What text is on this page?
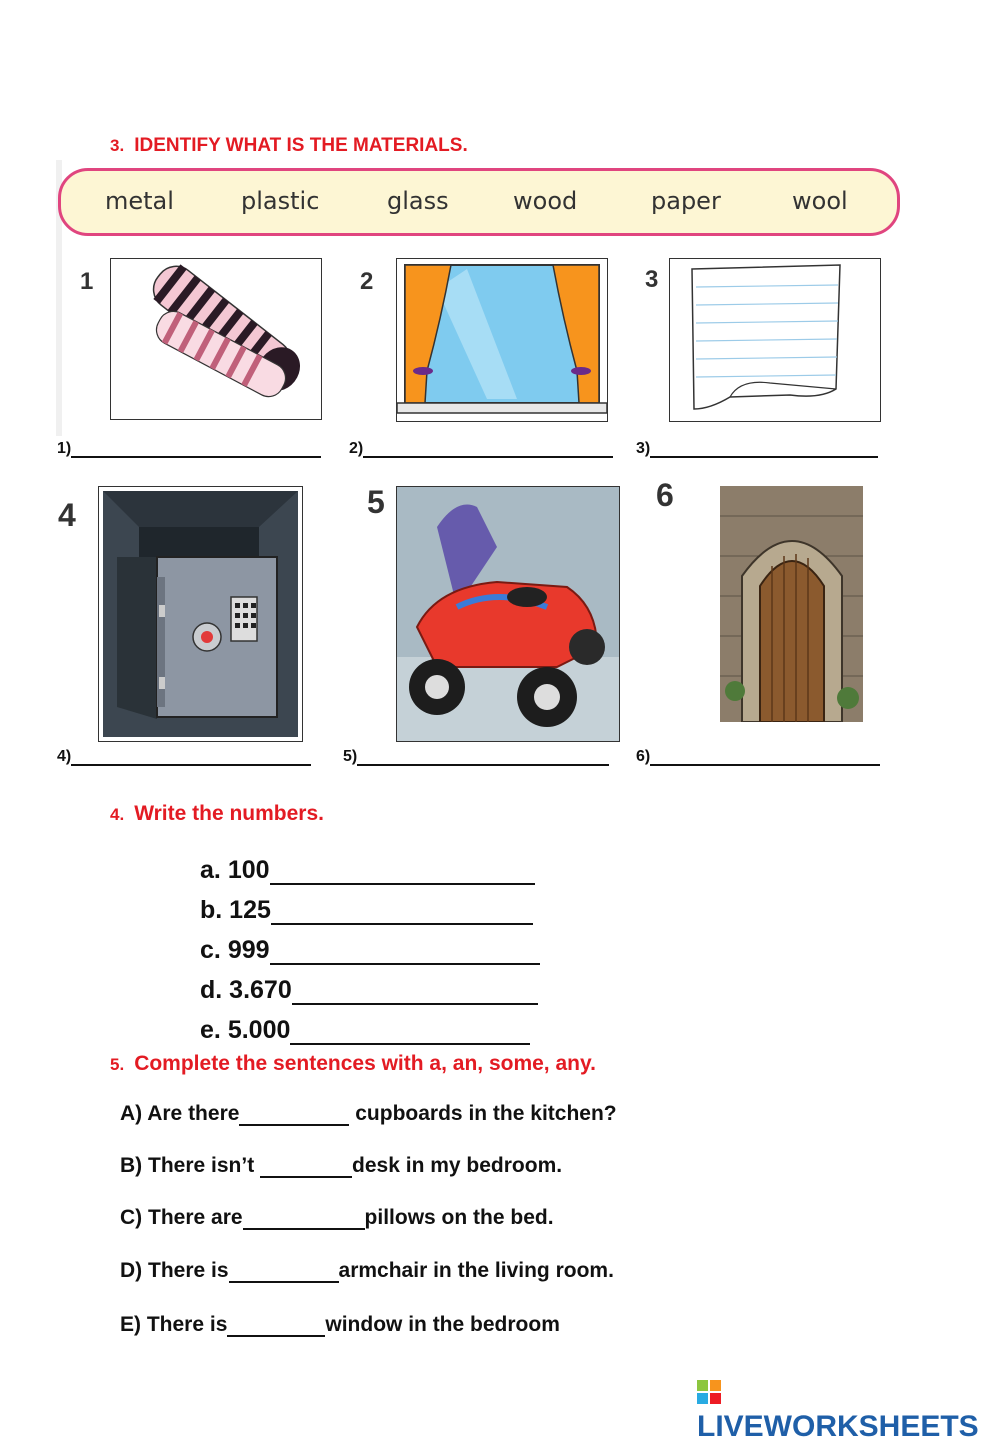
3. IDENTIFY WHAT IS THE MATERIALS.
metal	plastic	glass	wood	paper	wool
1	2	3
4	5	6
1)	2)	3)
4)	5)	6)
4. Write the numbers.
a. 100
b. 125
c. 999
d. 3.670
e. 5.000
5. Complete the sentences with a, an, some, any.
A) Are there	cupboards in the kitchen?
B) There isn’t	desk in my bedroom.
C) There are	pillows on the bed.
D) There is	armchair in the living room.
E) There is	window in the bedroom
LIVEWORKSHEETS
